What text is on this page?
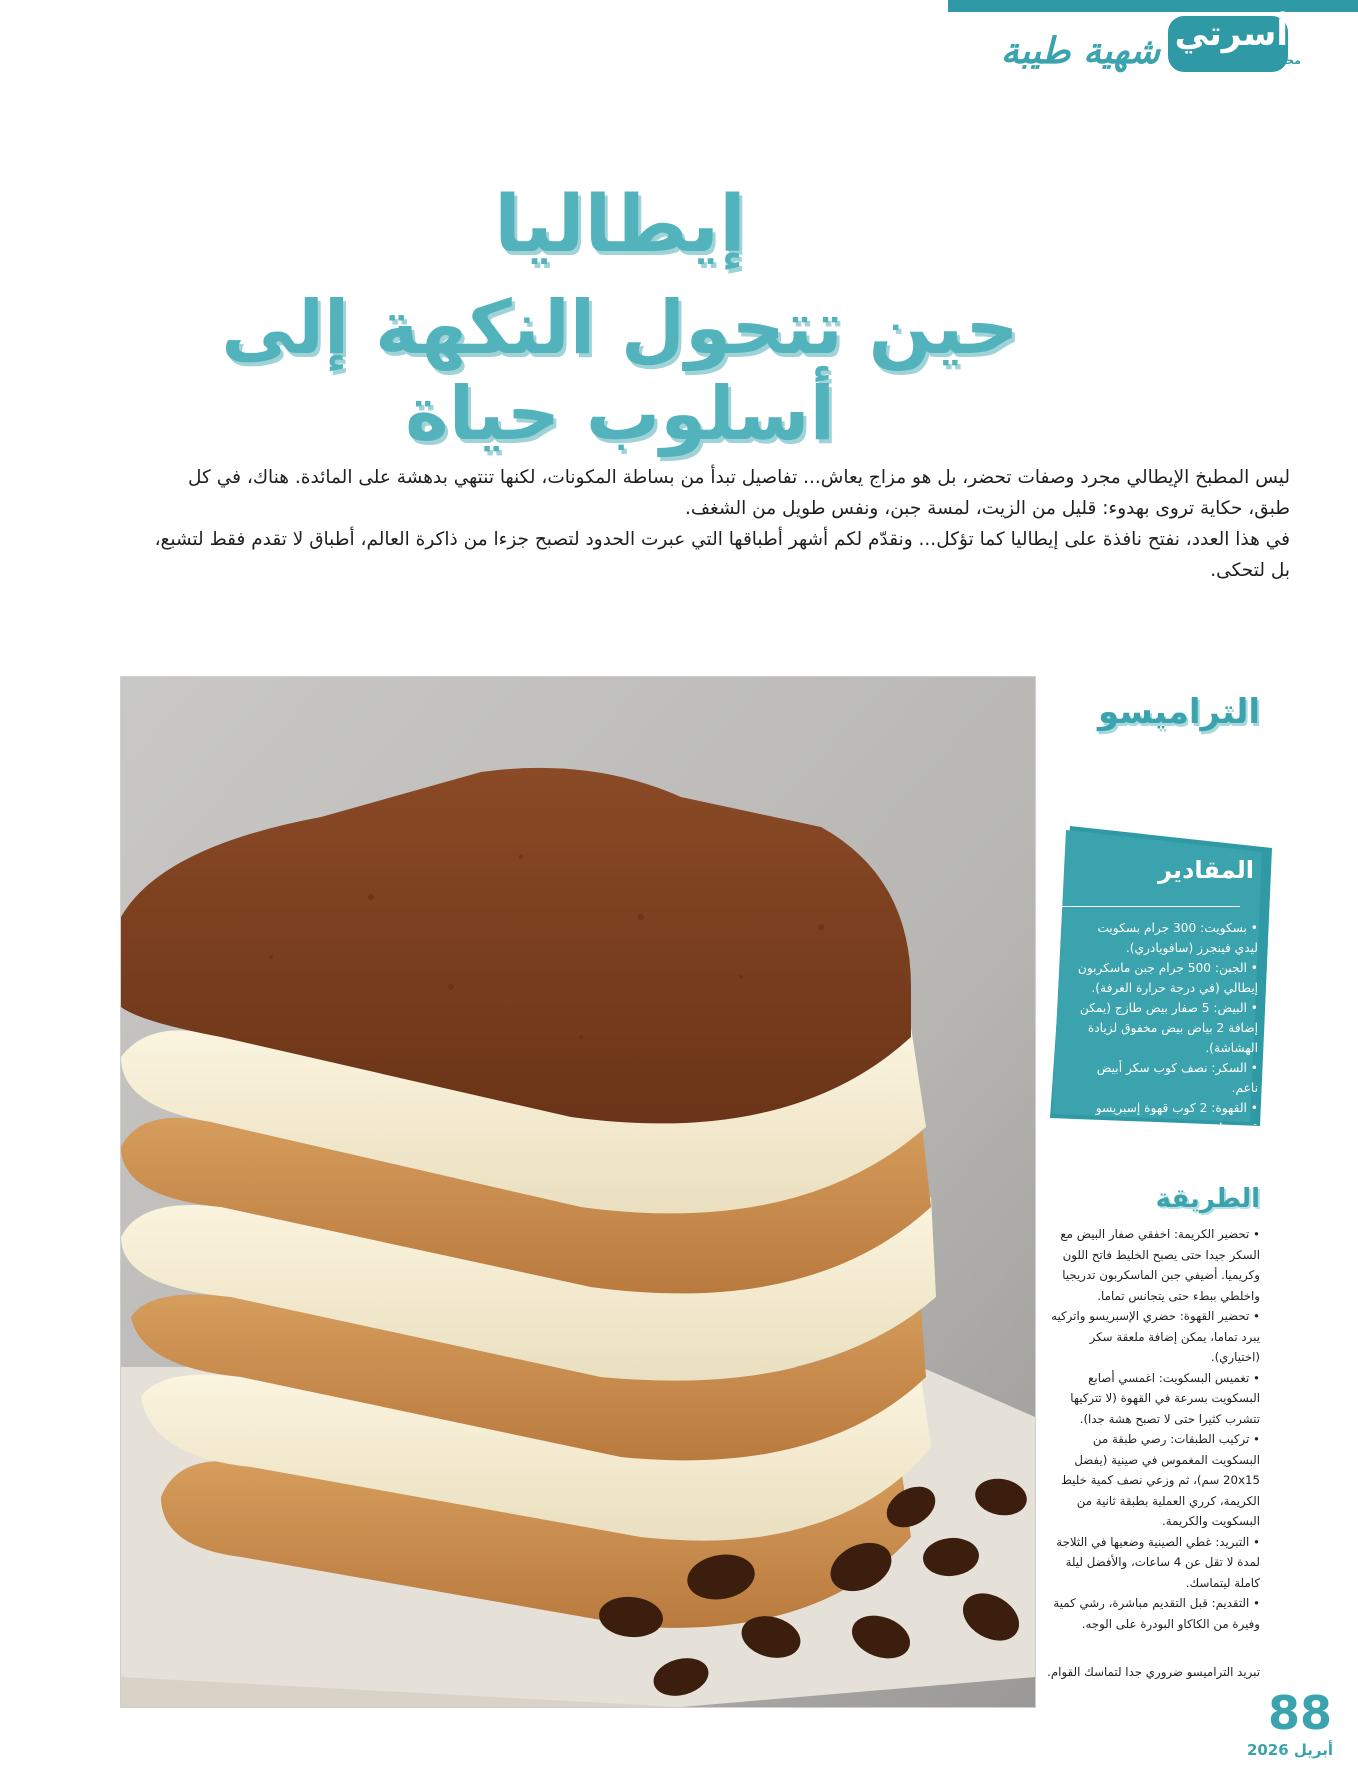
أسرتي
مجلة الأسرة العربية
شهية طيبة
إيطاليا
حين تتحول النكهة إلى أسلوب حياة

ليس المطبخ الإيطالي مجرد وصفات تحضر، بل هو مزاج يعاش... تفاصيل تبدأ من بساطة المكونات، لكنها تنتهي بدهشة على المائدة. هناك، في كل طبق، حكاية تروى بهدوء: قليل من الزيت، لمسة جبن، ونفس طويل من الشغف.

في هذا العدد، نفتح نافذة على إيطاليا كما تؤكل... ونقدّم لكم أشهر أطباقها التي عبرت الحدود لتصبح جزءا من ذاكرة العالم، أطباق لا تقدم فقط لتشبع، بل لتحكى.

التراميسو
المقادير
• بسكويت: 300 جرام بسكويت ليدي فينجرز (سافويادري).
• الجبن: 500 جرام جبن ماسكربون إيطالي (في درجة حرارة الغرفة).
• البيض: 5 صفار بيض طازج (يمكن إضافة 2 بياض بيض مخفوق لزيادة الهشاشة).
• السكر: نصف كوب سكر أبيض ناعم.
• القهوة: 2 كوب قهوة إسبريسو قوية وباردة.
الطريقة
• تحضير الكريمة: اخفقي صفار البيض مع السكر جيدا حتى يصبح الخليط فاتح اللون وكريميا. أضيفي جبن الماسكربون تدريجيا واخلطي ببطء حتى يتجانس تماما.
• تحضير القهوة: حضري الإسبريسو واتركيه يبرد تماما، يمكن إضافة ملعقة سكر (اختياري).
• تغميس البسكويت: اغمسي أصابع البسكويت بسرعة في القهوة (لا تتركيها تتشرب كثيرا حتى لا تصبح هشة جدا).
• تركيب الطبقات: رصي طبقة من البسكويت المغموس في صينية (يفضل 20x15 سم)، ثم وزعي نصف كمية خليط الكريمة، كرري العملية بطبقة ثانية من البسكويت والكريمة.
• التبريد: غطي الصينية وضعيها في الثلاجة لمدة لا تقل عن 4 ساعات، والأفضل ليلة كاملة ليتماسك.
• التقديم: قبل التقديم مباشرة، رشي كمية وفيرة من الكاكاو البودرة على الوجه.
تبريد التراميسو ضروري جدا لتماسك القوام.
88
أبريل 2026
